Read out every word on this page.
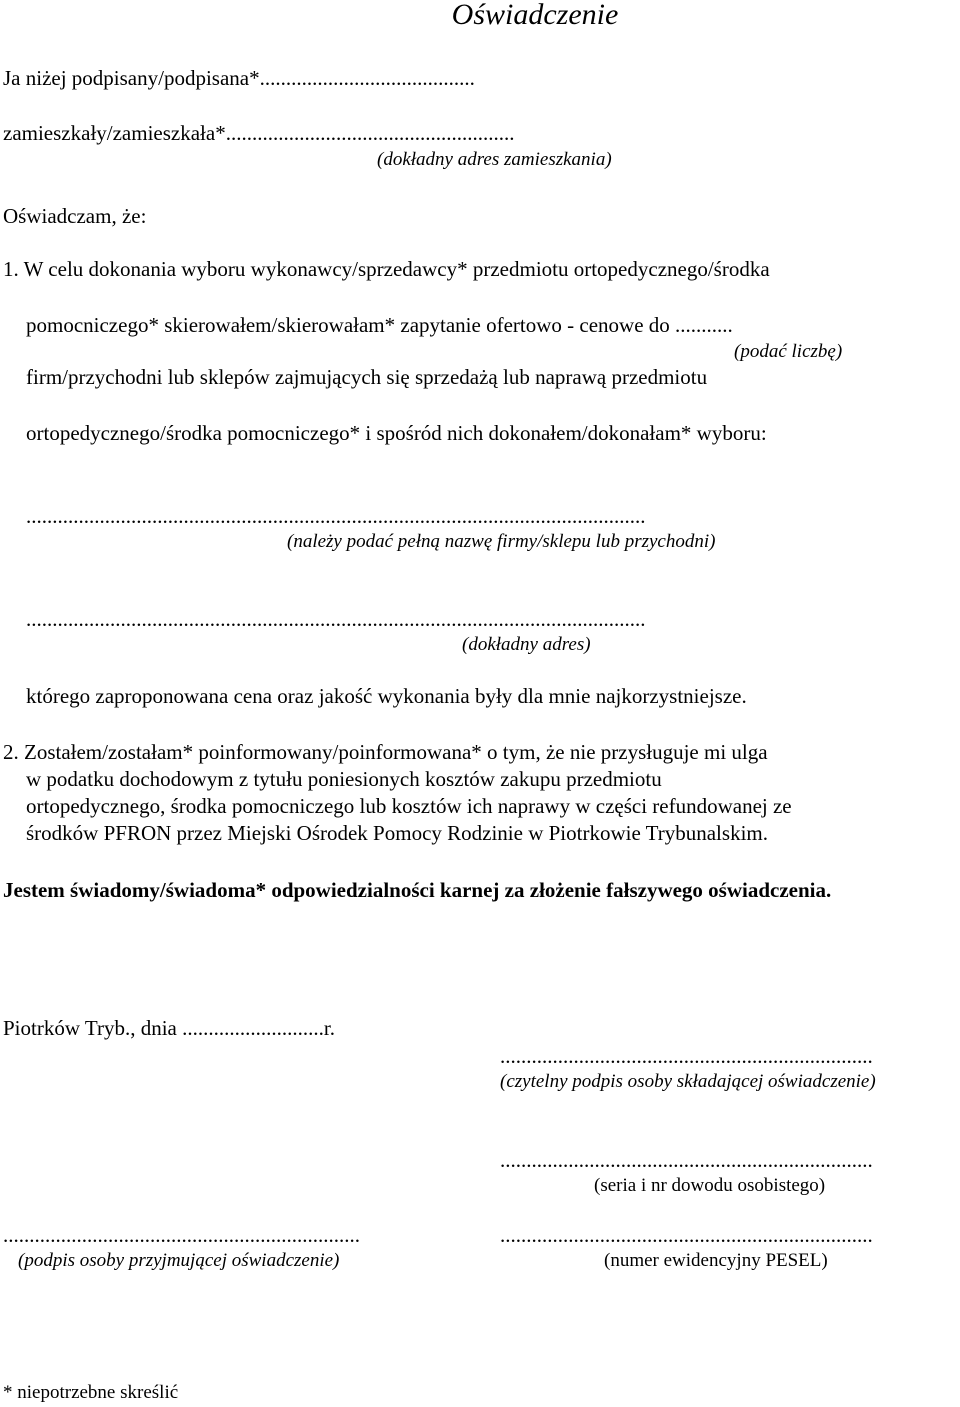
Oświadczenie
Ja niżej podpisany/podpisana*.........................................
zamieszkały/zamieszkała*.......................................................
(dokładny adres zamieszkania)
Oświadczam, że:
1. W celu dokonania wyboru wykonawcy/sprzedawcy* przedmiotu ortopedycznego/środka
pomocniczego* skierowałem/skierowałam* zapytanie ofertowo - cenowe do ...........
(podać liczbę)
firm/przychodni lub sklepów zajmujących się sprzedażą lub naprawą przedmiotu
ortopedycznego/środka pomocniczego* i spośród nich dokonałem/dokonałam* wyboru:
......................................................................................................................
(należy podać pełną nazwę firmy/sklepu lub przychodni)
......................................................................................................................
(dokładny adres)
którego zaproponowana cena oraz jakość wykonania były dla mnie najkorzystniejsze.
2. Zostałem/zostałam* poinformowany/poinformowana* o tym, że nie przysługuje mi ulga
w podatku dochodowym z tytułu poniesionych kosztów zakupu przedmiotu
ortopedycznego, środka pomocniczego lub kosztów ich naprawy w części refundowanej ze
środków PFRON przez Miejski Ośrodek Pomocy Rodzinie w Piotrkowie Trybunalskim.
Jestem świadomy/świadoma* odpowiedzialności karnej za złożenie fałszywego oświadczenia.
Piotrków Tryb., dnia ...........................r.
.......................................................................
(czytelny podpis osoby składającej oświadczenie)
.......................................................................
(seria i nr dowodu osobistego)
....................................................................
(podpis osoby przyjmującej oświadczenie)
.......................................................................
(numer ewidencyjny PESEL)
* niepotrzebne skreślić
